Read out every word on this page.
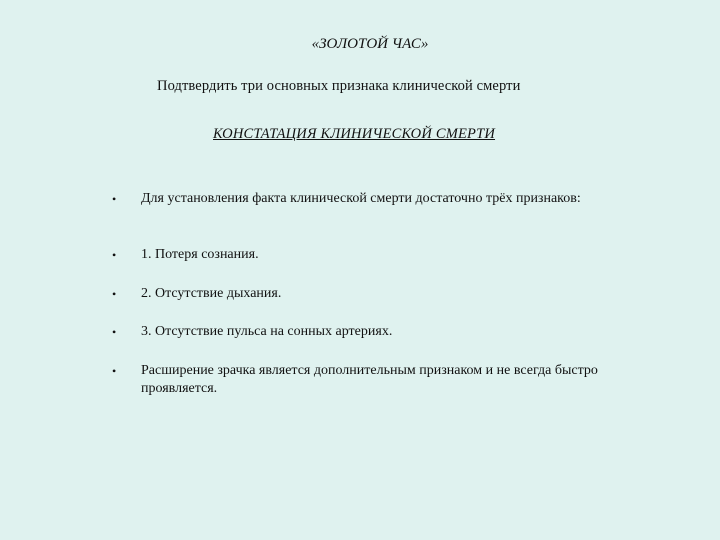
«ЗОЛОТОЙ ЧАС»
Подтвердить три основных признака клинической смерти
КОНСТАТАЦИЯ КЛИНИЧЕСКОЙ СМЕРТИ
• Для установления факта клинической смерти достаточно трёх признаков:
• 1. Потеря сознания.
• 2. Отсутствие дыхания.
• 3. Отсутствие пульса на сонных артериях.
• Расширение зрачка является дополнительным признаком и не всегда быстро проявляется.
